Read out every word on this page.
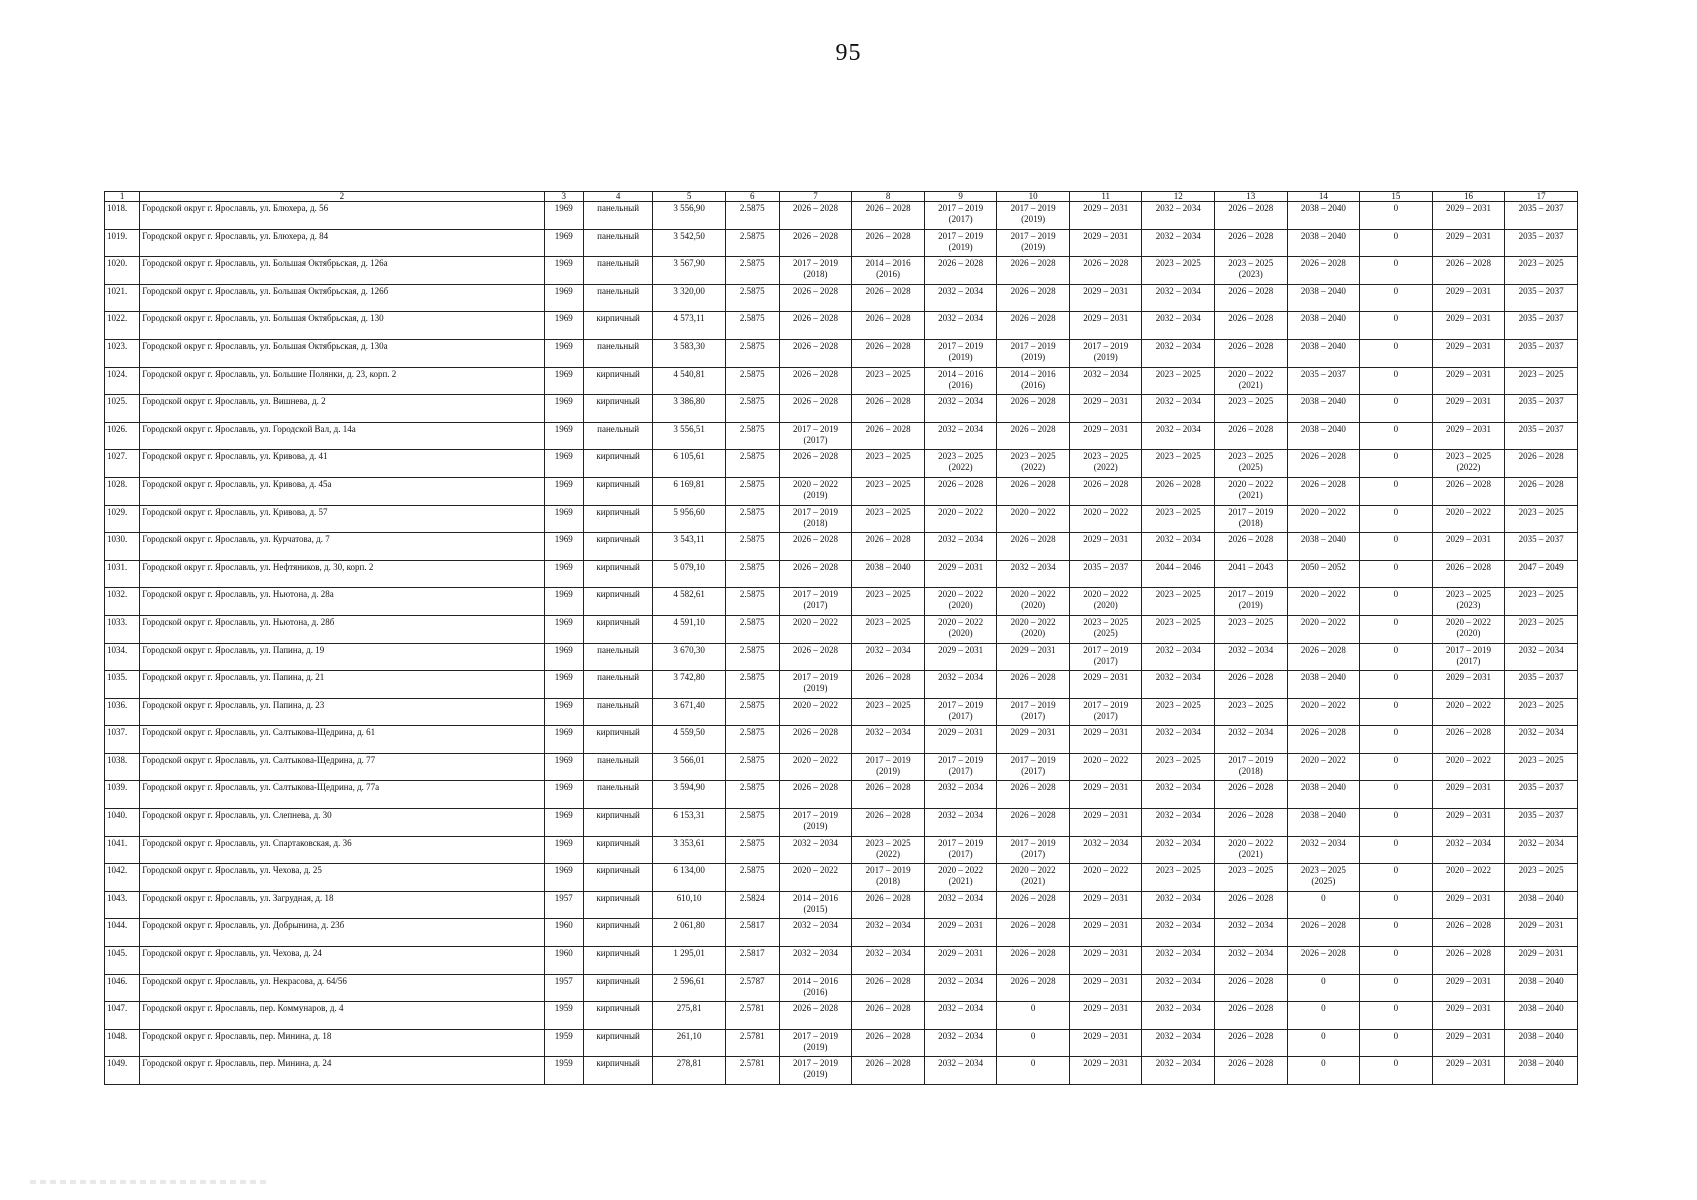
95
1	2	3	4	5	6	7	8	9	10	11	12	13	14	15	16	17
1018.	Городской округ г. Ярославль, ул. Блюхера, д. 56	1969	панельный	3 556,90	2.5875	2026 – 2028	2026 – 2028	2017 – 2019
(2017)	2017 – 2019
(2019)	2029 – 2031	2032 – 2034	2026 – 2028	2038 – 2040	0	2029 – 2031	2035 – 2037
1019.	Городской округ г. Ярославль, ул. Блюхера, д. 84	1969	панельный	3 542,50	2.5875	2026 – 2028	2026 – 2028	2017 – 2019
(2019)	2017 – 2019
(2019)	2029 – 2031	2032 – 2034	2026 – 2028	2038 – 2040	0	2029 – 2031	2035 – 2037
1020.	Городской округ г. Ярославль, ул. Большая Октябрьская, д. 126а	1969	панельный	3 567,90	2.5875	2017 – 2019
(2018)	2014 – 2016
(2016)	2026 – 2028	2026 – 2028	2026 – 2028	2023 – 2025	2023 – 2025
(2023)	2026 – 2028	0	2026 – 2028	2023 – 2025
1021.	Городской округ г. Ярославль, ул. Большая Октябрьская, д. 126б	1969	панельный	3 320,00	2.5875	2026 – 2028	2026 – 2028	2032 – 2034	2026 – 2028	2029 – 2031	2032 – 2034	2026 – 2028	2038 – 2040	0	2029 – 2031	2035 – 2037
1022.	Городской округ г. Ярославль, ул. Большая Октябрьская, д. 130	1969	кирпичный	4 573,11	2.5875	2026 – 2028	2026 – 2028	2032 – 2034	2026 – 2028	2029 – 2031	2032 – 2034	2026 – 2028	2038 – 2040	0	2029 – 2031	2035 – 2037
1023.	Городской округ г. Ярославль, ул. Большая Октябрьская, д. 130а	1969	панельный	3 583,30	2.5875	2026 – 2028	2026 – 2028	2017 – 2019
(2019)	2017 – 2019
(2019)	2017 – 2019
(2019)	2032 – 2034	2026 – 2028	2038 – 2040	0	2029 – 2031	2035 – 2037
1024.	Городской округ г. Ярославль, ул. Большие Полянки, д. 23, корп. 2	1969	кирпичный	4 540,81	2.5875	2026 – 2028	2023 – 2025	2014 – 2016
(2016)	2014 – 2016
(2016)	2032 – 2034	2023 – 2025	2020 – 2022
(2021)	2035 – 2037	0	2029 – 2031	2023 – 2025
1025.	Городской округ г. Ярославль, ул. Вишнева, д. 2	1969	кирпичный	3 386,80	2.5875	2026 – 2028	2026 – 2028	2032 – 2034	2026 – 2028	2029 – 2031	2032 – 2034	2023 – 2025	2038 – 2040	0	2029 – 2031	2035 – 2037
1026.	Городской округ г. Ярославль, ул. Городской Вал, д. 14а	1969	панельный	3 556,51	2.5875	2017 – 2019
(2017)	2026 – 2028	2032 – 2034	2026 – 2028	2029 – 2031	2032 – 2034	2026 – 2028	2038 – 2040	0	2029 – 2031	2035 – 2037
1027.	Городской округ г. Ярославль, ул. Кривова, д. 41	1969	кирпичный	6 105,61	2.5875	2026 – 2028	2023 – 2025	2023 – 2025
(2022)	2023 – 2025
(2022)	2023 – 2025
(2022)	2023 – 2025	2023 – 2025
(2025)	2026 – 2028	0	2023 – 2025
(2022)	2026 – 2028
1028.	Городской округ г. Ярославль, ул. Кривова, д. 45а	1969	кирпичный	6 169,81	2.5875	2020 – 2022
(2019)	2023 – 2025	2026 – 2028	2026 – 2028	2026 – 2028	2026 – 2028	2020 – 2022
(2021)	2026 – 2028	0	2026 – 2028	2026 – 2028
1029.	Городской округ г. Ярославль, ул. Кривова, д. 57	1969	кирпичный	5 956,60	2.5875	2017 – 2019
(2018)	2023 – 2025	2020 – 2022	2020 – 2022	2020 – 2022	2023 – 2025	2017 – 2019
(2018)	2020 – 2022	0	2020 – 2022	2023 – 2025
1030.	Городской округ г. Ярославль, ул. Курчатова, д. 7	1969	кирпичный	3 543,11	2.5875	2026 – 2028	2026 – 2028	2032 – 2034	2026 – 2028	2029 – 2031	2032 – 2034	2026 – 2028	2038 – 2040	0	2029 – 2031	2035 – 2037
1031.	Городской округ г. Ярославль, ул. Нефтяников, д. 30, корп. 2	1969	кирпичный	5 079,10	2.5875	2026 – 2028	2038 – 2040	2029 – 2031	2032 – 2034	2035 – 2037	2044 – 2046	2041 – 2043	2050 – 2052	0	2026 – 2028	2047 – 2049
1032.	Городской округ г. Ярославль, ул. Ньютона, д. 28а	1969	кирпичный	4 582,61	2.5875	2017 – 2019
(2017)	2023 – 2025	2020 – 2022
(2020)	2020 – 2022
(2020)	2020 – 2022
(2020)	2023 – 2025	2017 – 2019
(2019)	2020 – 2022	0	2023 – 2025
(2023)	2023 – 2025
1033.	Городской округ г. Ярославль, ул. Ньютона, д. 28б	1969	кирпичный	4 591,10	2.5875	2020 – 2022	2023 – 2025	2020 – 2022
(2020)	2020 – 2022
(2020)	2023 – 2025
(2025)	2023 – 2025	2023 – 2025	2020 – 2022	0	2020 – 2022
(2020)	2023 – 2025
1034.	Городской округ г. Ярославль, ул. Папина, д. 19	1969	панельный	3 670,30	2.5875	2026 – 2028	2032 – 2034	2029 – 2031	2029 – 2031	2017 – 2019
(2017)	2032 – 2034	2032 – 2034	2026 – 2028	0	2017 – 2019
(2017)	2032 – 2034
1035.	Городской округ г. Ярославль, ул. Папина, д. 21	1969	панельный	3 742,80	2.5875	2017 – 2019
(2019)	2026 – 2028	2032 – 2034	2026 – 2028	2029 – 2031	2032 – 2034	2026 – 2028	2038 – 2040	0	2029 – 2031	2035 – 2037
1036.	Городской округ г. Ярославль, ул. Папина, д. 23	1969	панельный	3 671,40	2.5875	2020 – 2022	2023 – 2025	2017 – 2019
(2017)	2017 – 2019
(2017)	2017 – 2019
(2017)	2023 – 2025	2023 – 2025	2020 – 2022	0	2020 – 2022	2023 – 2025
1037.	Городской округ г. Ярославль, ул. Салтыкова-Щедрина, д. 61	1969	кирпичный	4 559,50	2.5875	2026 – 2028	2032 – 2034	2029 – 2031	2029 – 2031	2029 – 2031	2032 – 2034	2032 – 2034	2026 – 2028	0	2026 – 2028	2032 – 2034
1038.	Городской округ г. Ярославль, ул. Салтыкова-Щедрина, д. 77	1969	панельный	3 566,01	2.5875	2020 – 2022	2017 – 2019
(2019)	2017 – 2019
(2017)	2017 – 2019
(2017)	2020 – 2022	2023 – 2025	2017 – 2019
(2018)	2020 – 2022	0	2020 – 2022	2023 – 2025
1039.	Городской округ г. Ярославль, ул. Салтыкова-Щедрина, д. 77а	1969	панельный	3 594,90	2.5875	2026 – 2028	2026 – 2028	2032 – 2034	2026 – 2028	2029 – 2031	2032 – 2034	2026 – 2028	2038 – 2040	0	2029 – 2031	2035 – 2037
1040.	Городской округ г. Ярославль, ул. Слепнева, д. 30	1969	кирпичный	6 153,31	2.5875	2017 – 2019
(2019)	2026 – 2028	2032 – 2034	2026 – 2028	2029 – 2031	2032 – 2034	2026 – 2028	2038 – 2040	0	2029 – 2031	2035 – 2037
1041.	Городской округ г. Ярославль, ул. Спартаковская, д. 36	1969	кирпичный	3 353,61	2.5875	2032 – 2034	2023 – 2025
(2022)	2017 – 2019
(2017)	2017 – 2019
(2017)	2032 – 2034	2032 – 2034	2020 – 2022
(2021)	2032 – 2034	0	2032 – 2034	2032 – 2034
1042.	Городской округ г. Ярославль, ул. Чехова, д. 25	1969	кирпичный	6 134,00	2.5875	2020 – 2022	2017 – 2019
(2018)	2020 – 2022
(2021)	2020 – 2022
(2021)	2020 – 2022	2023 – 2025	2023 – 2025	2023 – 2025
(2025)	0	2020 – 2022	2023 – 2025
1043.	Городской округ г. Ярославль, ул. Загрудная, д. 18	1957	кирпичный	610,10	2.5824	2014 – 2016
(2015)	2026 – 2028	2032 – 2034	2026 – 2028	2029 – 2031	2032 – 2034	2026 – 2028	0	0	2029 – 2031	2038 – 2040
1044.	Городской округ г. Ярославль, ул. Добрынина, д. 23б	1960	кирпичный	2 061,80	2.5817	2032 – 2034	2032 – 2034	2029 – 2031	2026 – 2028	2029 – 2031	2032 – 2034	2032 – 2034	2026 – 2028	0	2026 – 2028	2029 – 2031
1045.	Городской округ г. Ярославль, ул. Чехова, д. 24	1960	кирпичный	1 295,01	2.5817	2032 – 2034	2032 – 2034	2029 – 2031	2026 – 2028	2029 – 2031	2032 – 2034	2032 – 2034	2026 – 2028	0	2026 – 2028	2029 – 2031
1046.	Городской округ г. Ярославль, ул. Некрасова, д. 64/56	1957	кирпичный	2 596,61	2.5787	2014 – 2016
(2016)	2026 – 2028	2032 – 2034	2026 – 2028	2029 – 2031	2032 – 2034	2026 – 2028	0	0	2029 – 2031	2038 – 2040
1047.	Городской округ г. Ярославль, пер. Коммунаров, д. 4	1959	кирпичный	275,81	2.5781	2026 – 2028	2026 – 2028	2032 – 2034	0	2029 – 2031	2032 – 2034	2026 – 2028	0	0	2029 – 2031	2038 – 2040
1048.	Городской округ г. Ярославль, пер. Минина, д. 18	1959	кирпичный	261,10	2.5781	2017 – 2019
(2019)	2026 – 2028	2032 – 2034	0	2029 – 2031	2032 – 2034	2026 – 2028	0	0	2029 – 2031	2038 – 2040
1049.	Городской округ г. Ярославль, пер. Минина, д. 24	1959	кирпичный	278,81	2.5781	2017 – 2019
(2019)	2026 – 2028	2032 – 2034	0	2029 – 2031	2032 – 2034	2026 – 2028	0	0	2029 – 2031	2038 – 2040
